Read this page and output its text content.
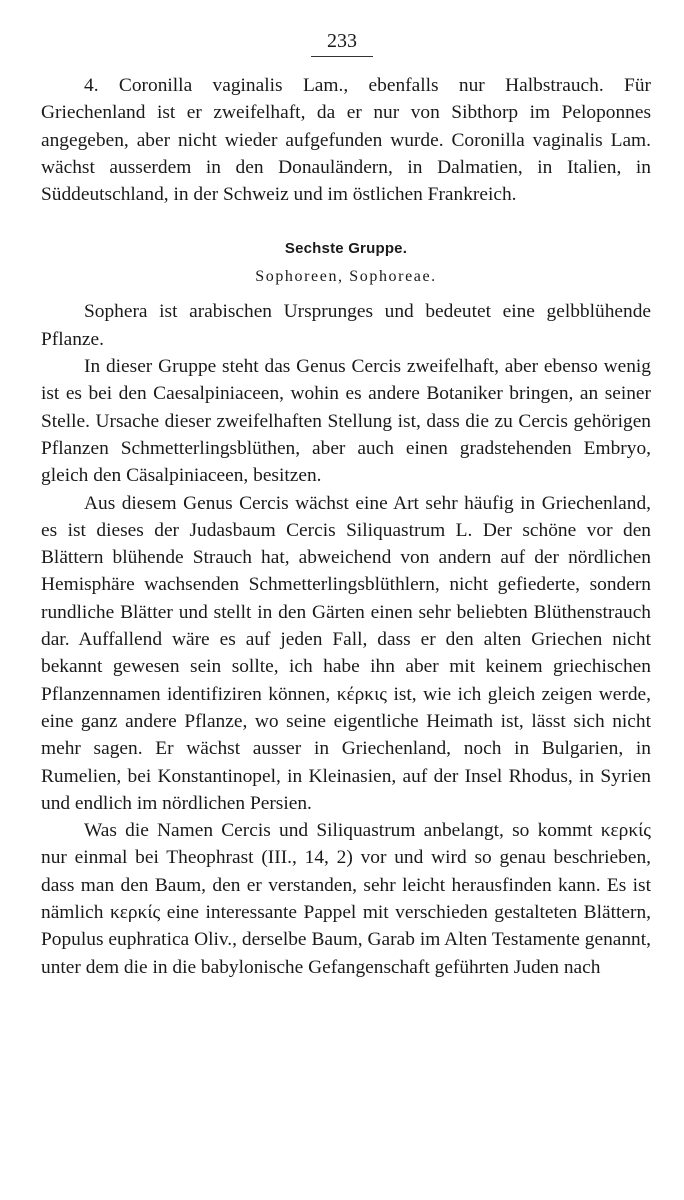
233

4. Coronilla vaginalis Lam., ebenfalls nur Halbstrauch. Für Griechenland ist er zweifelhaft, da er nur von Sibthorp im Peloponnes angegeben, aber nicht wieder aufgefunden wurde. Coronilla vaginalis Lam. wächst ausserdem in den Donauländern, in Dalmatien, in Italien, in Süddeutschland, in der Schweiz und im östlichen Frankreich.

Sechste Gruppe.
Sophoreen, Sophoreae.

Sophera ist arabischen Ursprunges und bedeutet eine gelbblühende Pflanze.

In dieser Gruppe steht das Genus Cercis zweifelhaft, aber ebenso wenig ist es bei den Caesalpiniaceen, wohin es andere Botaniker bringen, an seiner Stelle. Ursache dieser zweifelhaften Stellung ist, dass die zu Cercis gehörigen Pflanzen Schmetterlingsblüthen, aber auch einen gradstehenden Embryo, gleich den Cäsalpiniaceen, besitzen.

Aus diesem Genus Cercis wächst eine Art sehr häufig in Griechenland, es ist dieses der Judasbaum Cercis Siliquastrum L. Der schöne vor den Blättern blühende Strauch hat, abweichend von andern auf der nördlichen Hemisphäre wachsenden Schmetterlingsblüthlern, nicht gefiederte, sondern rundliche Blätter und stellt in den Gärten einen sehr beliebten Blüthenstrauch dar. Auffallend wäre es auf jeden Fall, dass er den alten Griechen nicht bekannt gewesen sein sollte, ich habe ihn aber mit keinem griechischen Pflanzennamen identifiziren können, κέρκις ist, wie ich gleich zeigen werde, eine ganz andere Pflanze, wo seine eigentliche Heimath ist, lässt sich nicht mehr sagen. Er wächst ausser in Griechenland, noch in Bulgarien, in Rumelien, bei Konstantinopel, in Kleinasien, auf der Insel Rhodus, in Syrien und endlich im nördlichen Persien.

Was die Namen Cercis und Siliquastrum anbelangt, so kommt κερκίς nur einmal bei Theophrast (III., 14, 2) vor und wird so genau beschrieben, dass man den Baum, den er verstanden, sehr leicht herausfinden kann. Es ist nämlich κερκίς eine interessante Pappel mit verschieden gestalteten Blättern, Populus euphratica Oliv., derselbe Baum, Garab im Alten Testamente genannt, unter dem die in die babylonische Gefangenschaft geführten Juden nach
